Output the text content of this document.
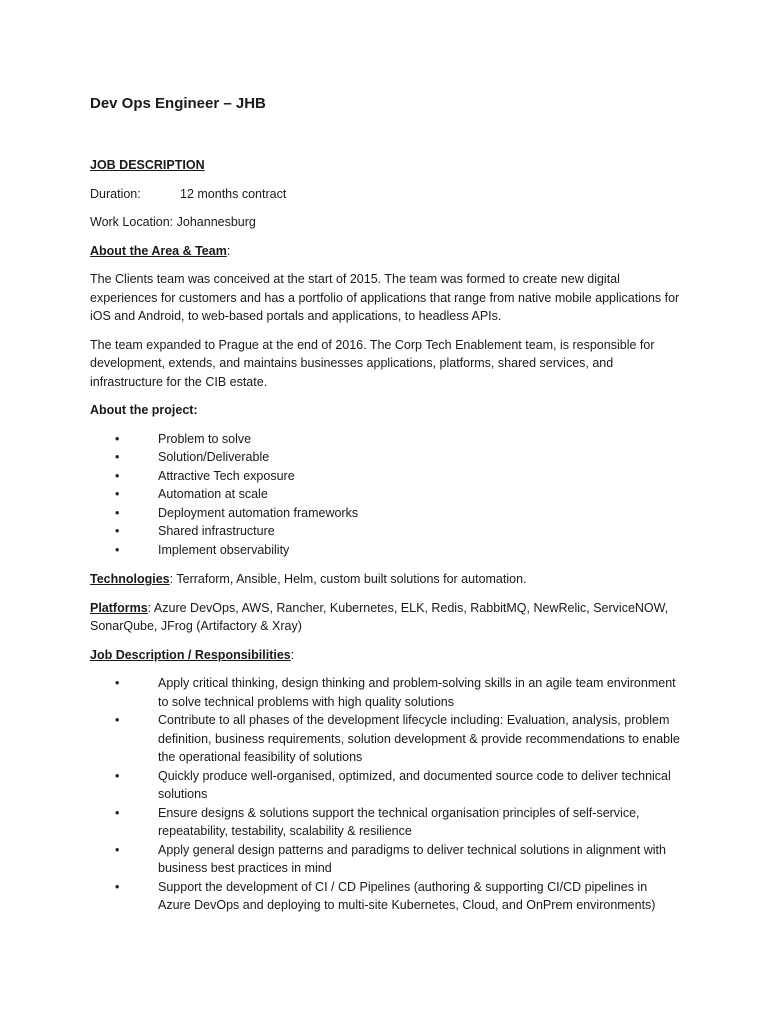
Dev Ops Engineer – JHB
JOB DESCRIPTION
Duration:	12 months contract
Work Location: Johannesburg
About the Area & Team:

The Clients team was conceived at the start of 2015. The team was formed to create new digital experiences for customers and has a portfolio of applications that range from native mobile applications for iOS and Android, to web-based portals and applications, to headless APIs.

The team expanded to Prague at the end of 2016. The Corp Tech Enablement team, is responsible for development, extends, and maintains businesses applications, platforms, shared services, and infrastructure for the CIB estate.

About the project:
•	Problem to solve
•	Solution/Deliverable
•	Attractive Tech exposure
•	Automation at scale
•	Deployment automation frameworks
•	Shared infrastructure
•	Implement observability

Technologies: Terraform, Ansible, Helm, custom built solutions for automation.

Platforms: Azure DevOps, AWS, Rancher, Kubernetes, ELK, Redis, RabbitMQ, NewRelic, ServiceNOW, SonarQube, JFrog (Artifactory & Xray)

Job Description / Responsibilities:
•	Apply critical thinking, design thinking and problem-solving skills in an agile team environment to solve technical problems with high quality solutions
•	Contribute to all phases of the development lifecycle including: Evaluation, analysis, problem definition, business requirements, solution development & provide recommendations to enable the operational feasibility of solutions
•	Quickly produce well-organised, optimized, and documented source code to deliver technical solutions
•	Ensure designs & solutions support the technical organisation principles of self-service, repeatability, testability, scalability & resilience
•	Apply general design patterns and paradigms to deliver technical solutions in alignment with business best practices in mind
•	Support the development of CI / CD Pipelines (authoring & supporting CI/CD pipelines in Azure DevOps and deploying to multi-site Kubernetes, Cloud, and OnPrem environments)
